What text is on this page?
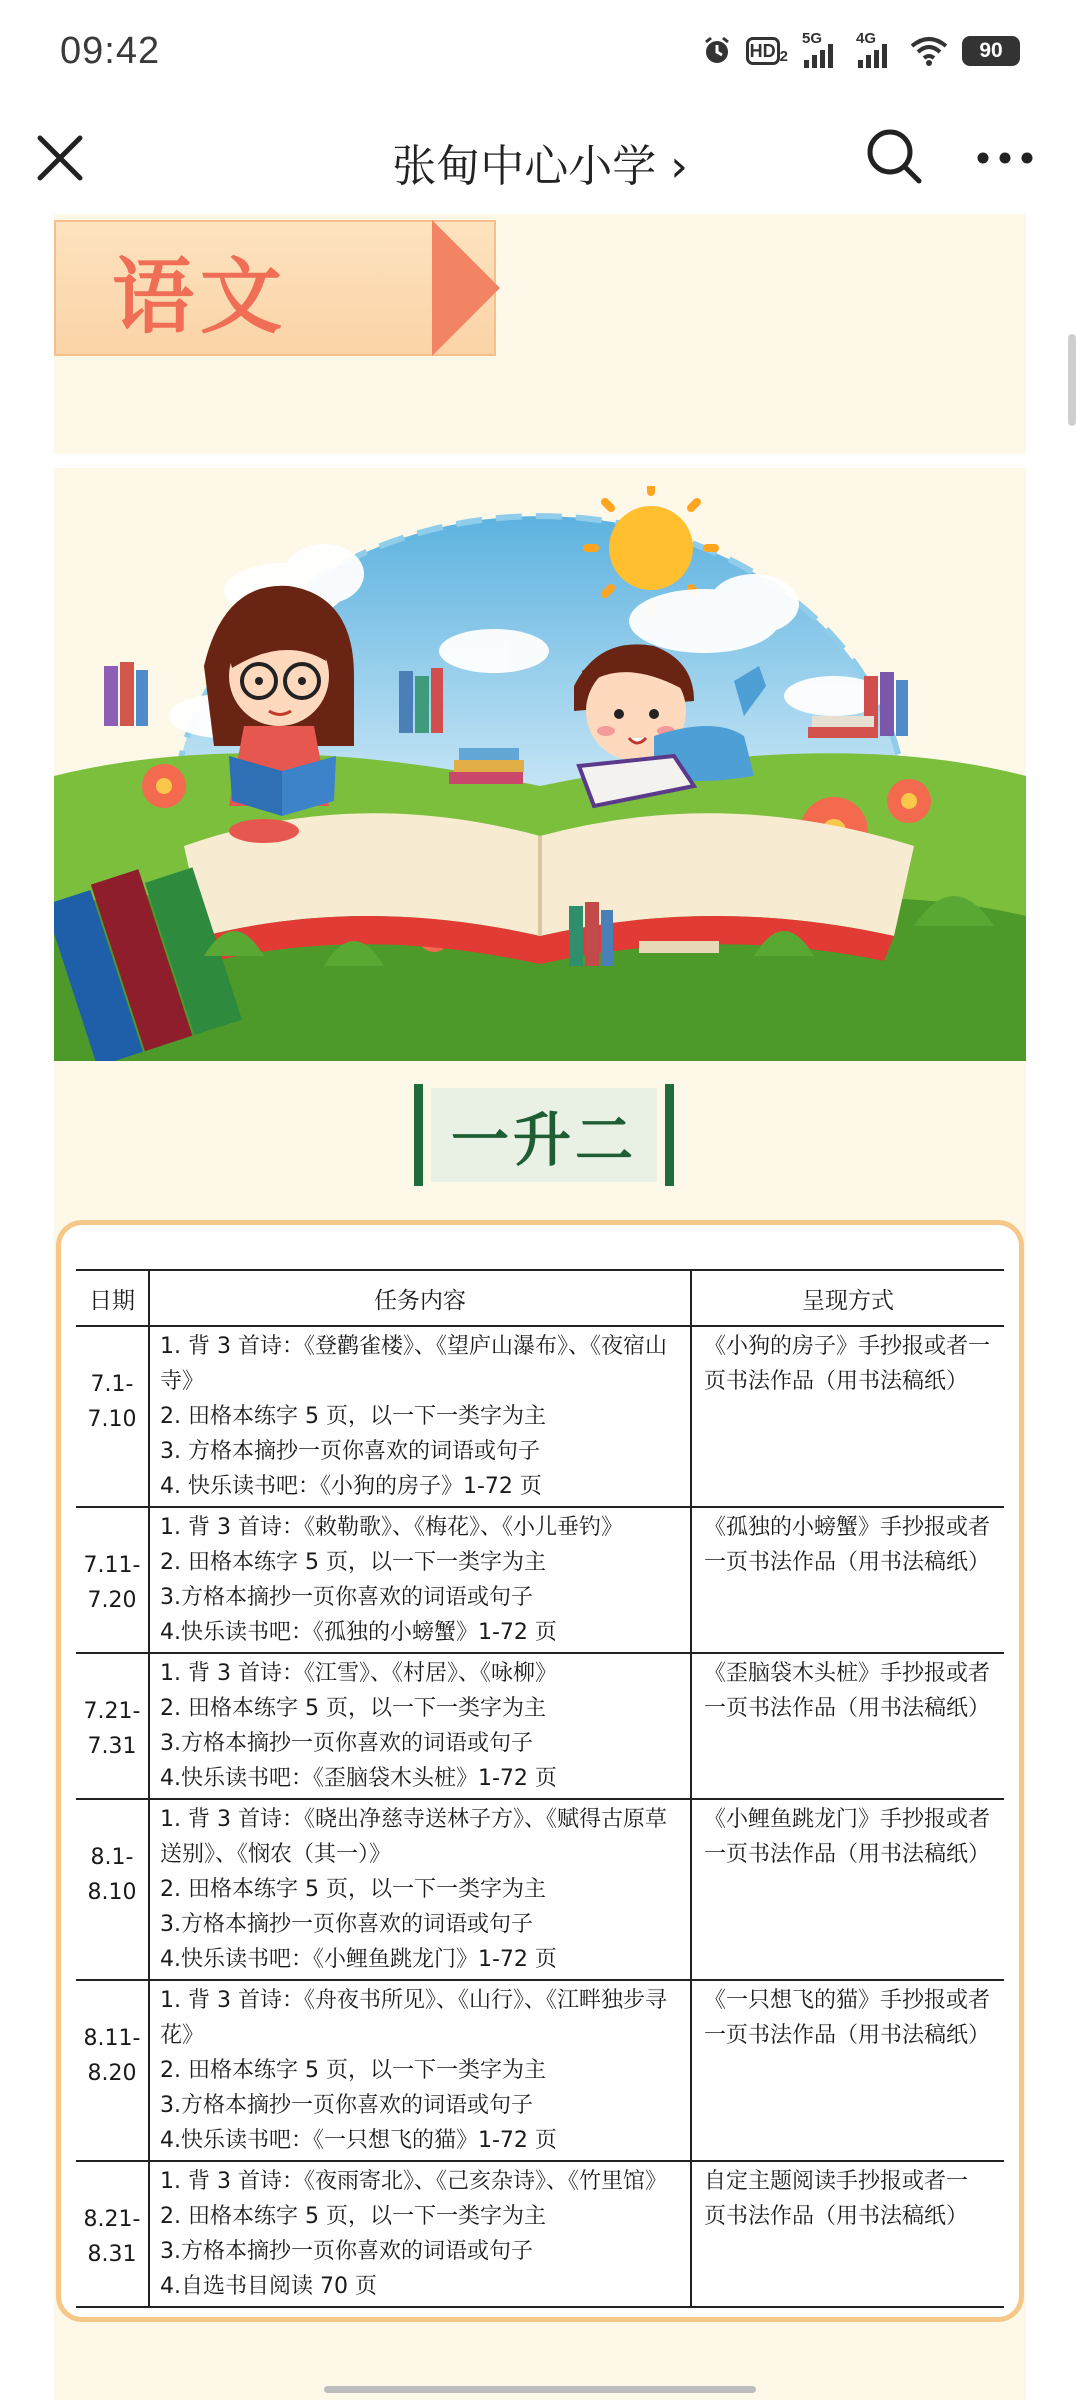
09:42	HD 2
5G 4G
90
张甸中心小学 ›
语文
一升二
日期	任务内容	呈现方式

7.1-
7.10	1. 背 3 首诗：《登鹳雀楼》、《望庐山瀑布》、《夜宿山
寺》
2. 田格本练字 5 页，以一下一类字为主
3. 方格本摘抄一页你喜欢的词语或句子
4. 快乐读书吧：《小狗的房子》1-72 页	《小狗的房子》手抄报或者一
页书法作品（用书法稿纸）

7.11-
7.20	1. 背 3 首诗：《敕勒歌》、《梅花》、《小儿垂钓》
2. 田格本练字 5 页，以一下一类字为主
3.方格本摘抄一页你喜欢的词语或句子
4.快乐读书吧：《孤独的小螃蟹》1-72 页	《孤独的小螃蟹》手抄报或者
一页书法作品（用书法稿纸）

7.21-
7.31	1. 背 3 首诗：《江雪》、《村居》、《咏柳》
2. 田格本练字 5 页，以一下一类字为主
3.方格本摘抄一页你喜欢的词语或句子
4.快乐读书吧：《歪脑袋木头桩》1-72 页	《歪脑袋木头桩》手抄报或者
一页书法作品（用书法稿纸）

8.1-
8.10	1. 背 3 首诗：《晓出净慈寺送林子方》、《赋得古原草
送别》、《悯农（其一）》
2. 田格本练字 5 页，以一下一类字为主
3.方格本摘抄一页你喜欢的词语或句子
4.快乐读书吧：《小鲤鱼跳龙门》1-72 页	《小鲤鱼跳龙门》手抄报或者
一页书法作品（用书法稿纸）

8.11-
8.20	1. 背 3 首诗：《舟夜书所见》、《山行》、《江畔独步寻
花》
2. 田格本练字 5 页，以一下一类字为主
3.方格本摘抄一页你喜欢的词语或句子
4.快乐读书吧：《一只想飞的猫》1-72 页	《一只想飞的猫》手抄报或者
一页书法作品（用书法稿纸）

8.21-
8.31	1. 背 3 首诗：《夜雨寄北》、《己亥杂诗》、《竹里馆》
2. 田格本练字 5 页，以一下一类字为主
3.方格本摘抄一页你喜欢的词语或句子
4.自选书目阅读 70 页	自定主题阅读手抄报或者一
页书法作品（用书法稿纸）
